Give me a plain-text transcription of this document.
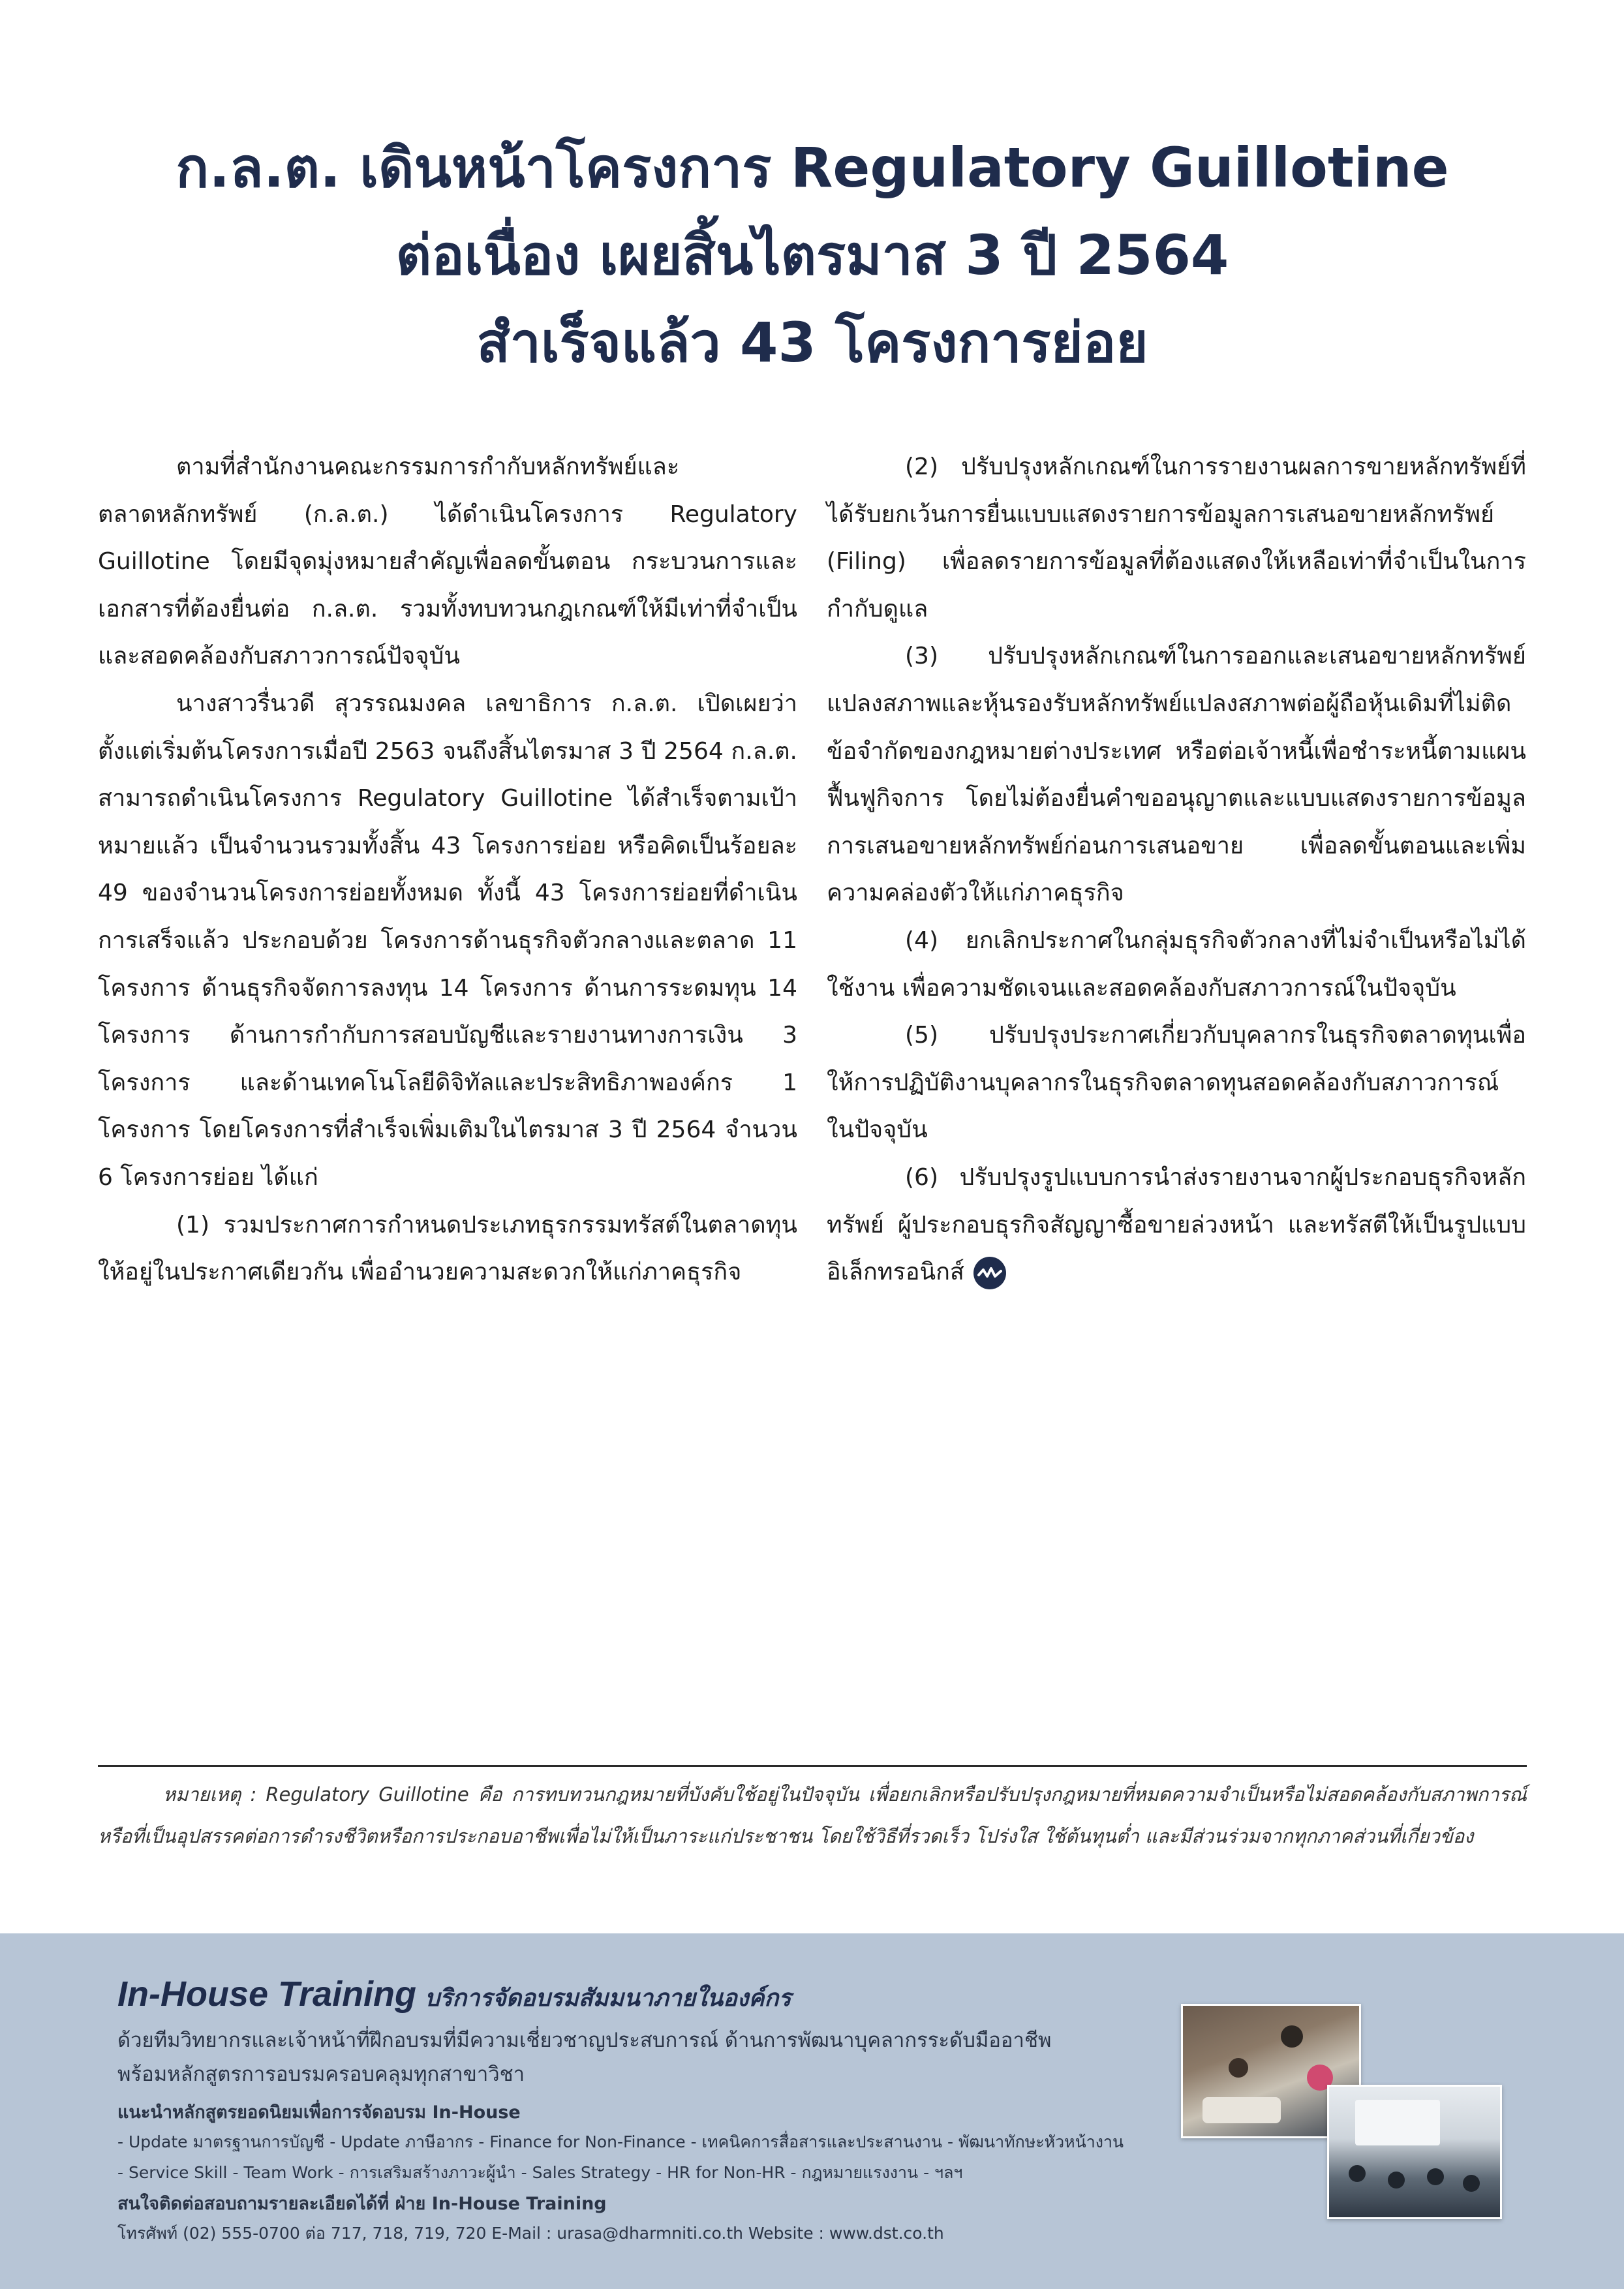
ก.ล.ต. เดินหน้าโครงการ Regulatory Guillotine
ต่อเนื่อง เผยสิ้นไตรมาส 3 ปี 2564
สำเร็จแล้ว 43 โครงการย่อย

ตามที่สำนักงานคณะกรรมการกำกับหลักทรัพย์และตลาดหลักทรัพย์ (ก.ล.ต.) ได้ดำเนินโครงการ Regulatory Guillotine โดยมีจุดมุ่งหมายสำคัญเพื่อลดขั้นตอน กระบวนการและเอกสารที่ต้องยื่นต่อ ก.ล.ต. รวมทั้งทบทวนกฎเกณฑ์ให้มีเท่าที่จำเป็นและสอดคล้องกับสภาวการณ์ปัจจุบัน

นางสาวรื่นวดี สุวรรณมงคล เลขาธิการ ก.ล.ต. เปิดเผยว่า ตั้งแต่เริ่มต้นโครงการเมื่อปี 2563 จนถึงสิ้นไตรมาส 3 ปี 2564 ก.ล.ต. สามารถดำเนินโครงการ Regulatory Guillotine ได้สำเร็จตามเป้าหมายแล้ว เป็นจำนวนรวมทั้งสิ้น 43 โครงการย่อย หรือคิดเป็นร้อยละ 49 ของจำนวนโครงการย่อยทั้งหมด ทั้งนี้ 43 โครงการย่อยที่ดำเนินการเสร็จแล้ว ประกอบด้วย โครงการด้านธุรกิจตัวกลางและตลาด 11 โครงการ ด้านธุรกิจจัดการลงทุน 14 โครงการ ด้านการระดมทุน 14 โครงการ ด้านการกำกับการสอบบัญชีและรายงานทางการเงิน 3 โครงการ และด้านเทคโนโลยีดิจิทัลและประสิทธิภาพองค์กร 1 โครงการ โดยโครงการที่สำเร็จเพิ่มเติมในไตรมาส 3 ปี 2564 จำนวน 6 โครงการย่อย ได้แก่

(1) รวมประกาศการกำหนดประเภทธุรกรรมทรัสต์ในตลาดทุนให้อยู่ในประกาศเดียวกัน เพื่ออำนวยความสะดวกให้แก่ภาคธุรกิจ

(2) ปรับปรุงหลักเกณฑ์ในการรายงานผลการขายหลักทรัพย์ที่ได้รับยกเว้นการยื่นแบบแสดงรายการข้อมูลการเสนอขายหลักทรัพย์ (Filing) เพื่อลดรายการข้อมูลที่ต้องแสดงให้เหลือเท่าที่จำเป็นในการกำกับดูแล

(3) ปรับปรุงหลักเกณฑ์ในการออกและเสนอขายหลักทรัพย์แปลงสภาพและหุ้นรองรับหลักทรัพย์แปลงสภาพต่อผู้ถือหุ้นเดิมที่ไม่ติดข้อจำกัดของกฎหมายต่างประเทศ หรือต่อเจ้าหนี้เพื่อชำระหนี้ตามแผนฟื้นฟูกิจการ โดยไม่ต้องยื่นคำขออนุญาตและแบบแสดงรายการข้อมูลการเสนอขายหลักทรัพย์ก่อนการเสนอขาย เพื่อลดขั้นตอนและเพิ่มความคล่องตัวให้แก่ภาคธุรกิจ

(4) ยกเลิกประกาศในกลุ่มธุรกิจตัวกลางที่ไม่จำเป็นหรือไม่ได้ใช้งาน เพื่อความชัดเจนและสอดคล้องกับสภาวการณ์ในปัจจุบัน

(5) ปรับปรุงประกาศเกี่ยวกับบุคลากรในธุรกิจตลาดทุนเพื่อให้การปฏิบัติงานบุคลากรในธุรกิจตลาดทุนสอดคล้องกับสภาวการณ์ในปัจจุบัน

(6) ปรับปรุงรูปแบบการนำส่งรายงานจากผู้ประกอบธุรกิจหลักทรัพย์ ผู้ประกอบธุรกิจสัญญาซื้อขายล่วงหน้า และทรัสตีให้เป็นรูปแบบอิเล็กทรอนิกส์

หมายเหตุ : Regulatory Guillotine คือ การทบทวนกฎหมายที่บังคับใช้อยู่ในปัจจุบัน เพื่อยกเลิกหรือปรับปรุงกฎหมายที่หมดความจำเป็นหรือไม่สอดคล้องกับสภาพการณ์ หรือที่เป็นอุปสรรคต่อการดำรงชีวิตหรือการประกอบอาชีพเพื่อไม่ให้เป็นภาระแก่ประชาชน โดยใช้วิธีที่รวดเร็ว โปร่งใส ใช้ต้นทุนต่ำ และมีส่วนร่วมจากทุกภาคส่วนที่เกี่ยวข้อง
In-House Training บริการจัดอบรมสัมมนาภายในองค์กร
ด้วยทีมวิทยากรและเจ้าหน้าที่ฝึกอบรมที่มีความเชี่ยวชาญประสบการณ์ ด้านการพัฒนาบุคลากรระดับมืออาชีพ
พร้อมหลักสูตรการอบรมครอบคลุมทุกสาขาวิชา
แนะนำหลักสูตรยอดนิยมเพื่อการจัดอบรม In-House
- Update มาตรฐานการบัญชี - Update ภาษีอากร - Finance for Non-Finance - เทคนิคการสื่อสารและประสานงาน - พัฒนาทักษะหัวหน้างาน
- Service Skill - Team Work - การเสริมสร้างภาวะผู้นำ - Sales Strategy - HR for Non-HR - กฎหมายแรงงาน - ฯลฯ
สนใจติดต่อสอบถามรายละเอียดได้ที่ ฝ่าย In-House Training
โทรศัพท์ (02) 555-0700 ต่อ 717, 718, 719, 720 E-Mail : urasa@dharmniti.co.th Website : www.dst.co.th
